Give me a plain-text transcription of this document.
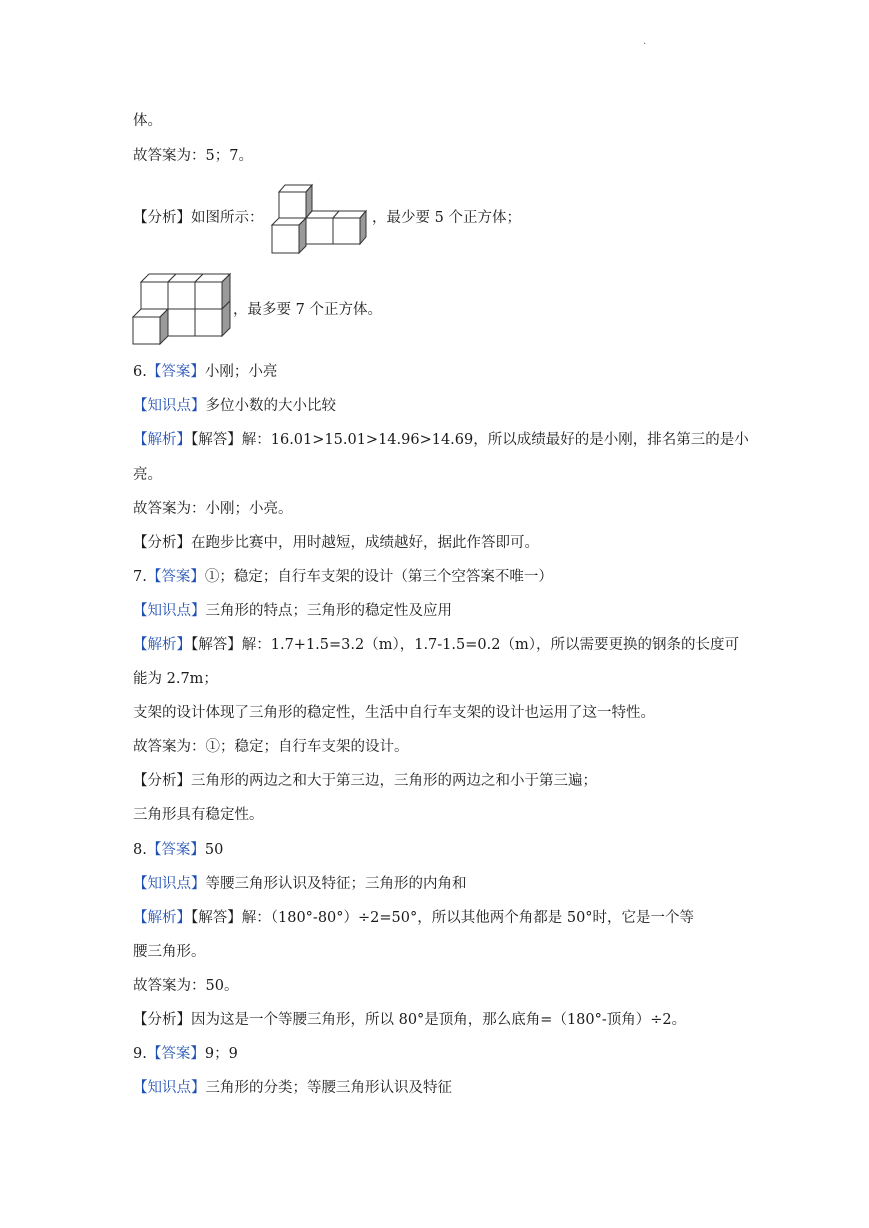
.
体。
故答案为：5；7。
【分析】如图所示：	，最少要 5 个正方体；
，最多要 7 个正方体。
6.【答案】小刚；小亮
【知识点】多位小数的大小比较
【解析】【解答】解：16.01>15.01>14.96>14.69，所以成绩最好的是小刚，排名第三的是小
亮。
故答案为：小刚；小亮。
【分析】在跑步比赛中，用时越短，成绩越好，据此作答即可。
7.【答案】①；稳定；自行车支架的设计（第三个空答案不唯一）
【知识点】三角形的特点；三角形的稳定性及应用
【解析】【解答】解：1.7+1.5=3.2（m），1.7-1.5=0.2（m），所以需要更换的钢条的长度可
能为 2.7m；
支架的设计体现了三角形的稳定性，生活中自行车支架的设计也运用了这一特性。
故答案为：①；稳定；自行车支架的设计。
【分析】三角形的两边之和大于第三边，三角形的两边之和小于第三遍；
三角形具有稳定性。
8.【答案】50
【知识点】等腰三角形认识及特征；三角形的内角和
【解析】【解答】解：（180°-80°）÷2=50°，所以其他两个角都是 50°时，它是一个等
腰三角形。
故答案为：50。
【分析】因为这是一个等腰三角形，所以 80°是顶角，那么底角=（180°-顶角）÷2。
9.【答案】9；9
【知识点】三角形的分类；等腰三角形认识及特征
